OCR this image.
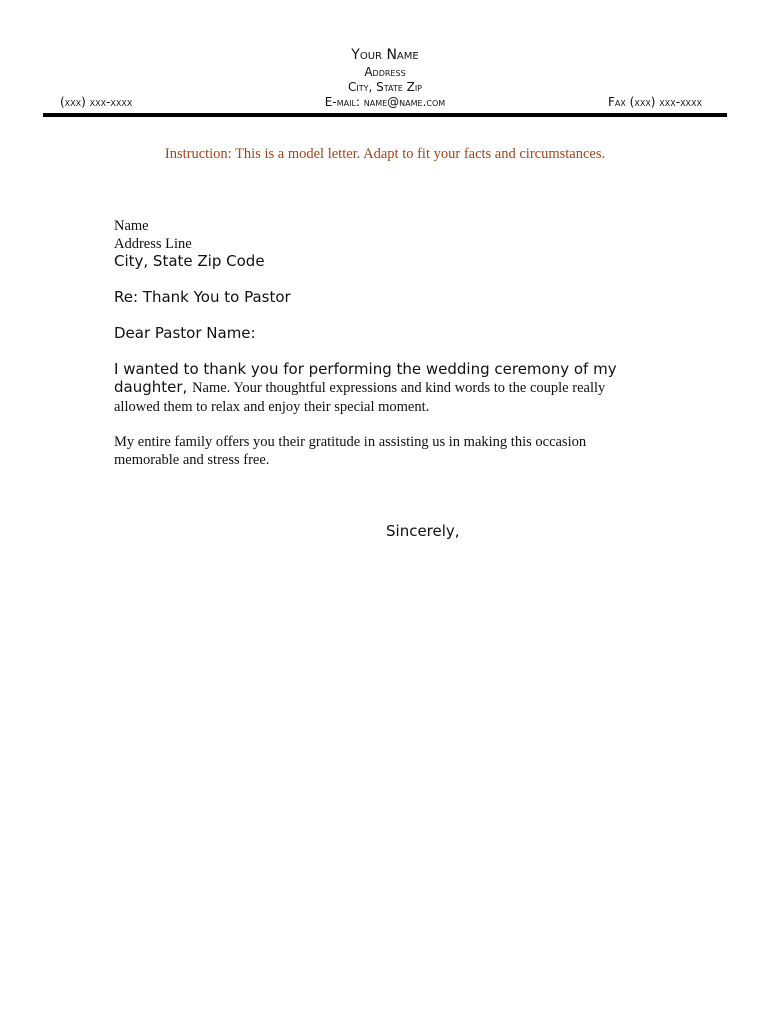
Your Name
Address
City, State Zip
E-mail: name@name.com
(xxx) xxx-xxxx	Fax (xxx) xxx-xxxx
Instruction: This is a model letter. Adapt to fit your facts and circumstances.
Name
Address Line
City, State Zip Code
Re: Thank You to Pastor
Dear Pastor Name:
I wanted to thank you for performing the wedding ceremony of my daughter, Name. Your thoughtful expressions and kind words to the couple really allowed them to relax and enjoy their special moment.
My entire family offers you their gratitude in assisting us in making this occasion memorable and stress free.
Sincerely,
